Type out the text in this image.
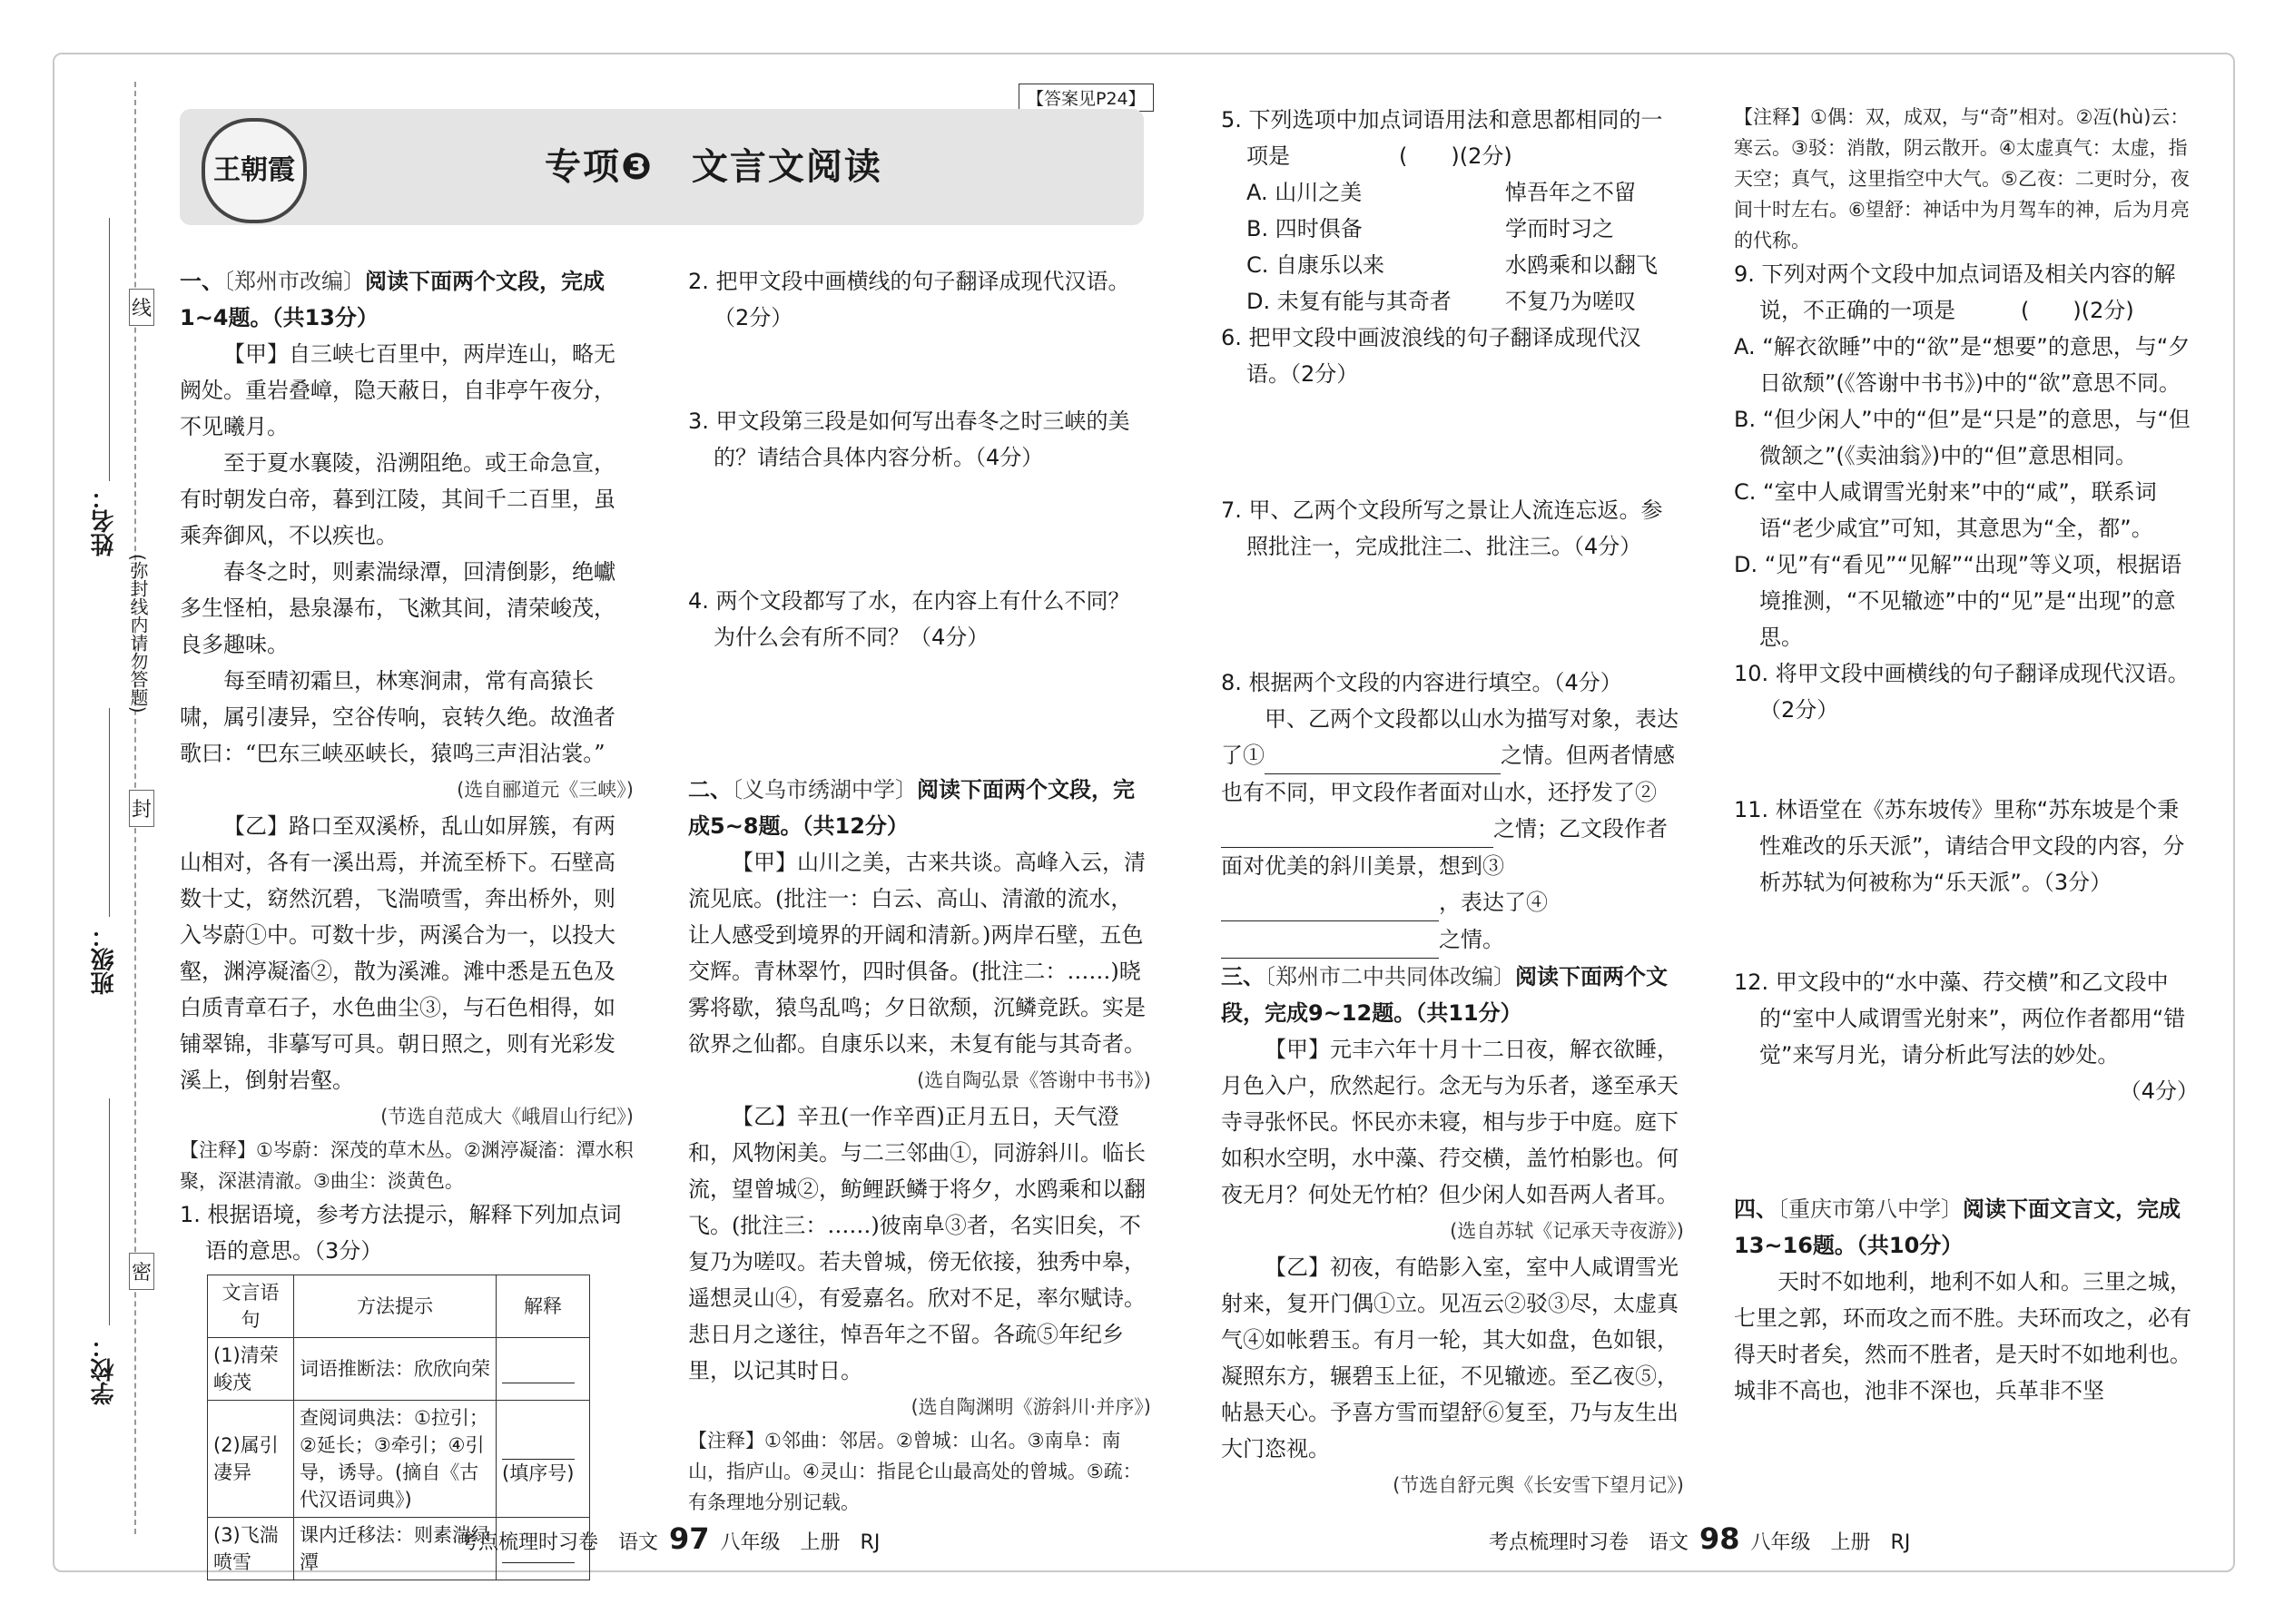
线
封
密
(弥封线内请勿答题)
姓名：
班级：
学校：
【答案见P24】
王朝霞	专项❸　文言文阅读

一、〔郑州市改编〕阅读下面两个文段，完成1~4题。（共13分）

【甲】自三峡七百里中，两岸连山，略无阙处。重岩叠嶂，隐天蔽日，自非亭午夜分，不见曦月。

至于夏水襄陵，沿溯阻绝。或王命急宣，有时朝发白帝，暮到江陵，其间千二百里，虽乘奔御风，不以疾也。

春冬之时，则素湍绿潭，回清倒影，绝巘多生怪柏，悬泉瀑布，飞漱其间，清荣峻茂，良多趣味。

每至晴初霜旦，林寒涧肃，常有高猿长啸，属引凄异，空谷传响，哀转久绝。故渔者歌曰：“巴东三峡巫峡长，猿鸣三声泪沾裳。”

(选自郦道元《三峡》)

【乙】路口至双溪桥，乱山如屏簇，有两山相对，各有一溪出焉，并流至桥下。石壁高数十丈，窈然沉碧，飞湍喷雪，奔出桥外，则入岑蔚①中。可数十步，两溪合为一，以投大壑，渊渟凝滀②，散为溪滩。滩中悉是五色及白质青章石子，水色曲尘③，与石色相得，如铺翠锦，非摹写可具。朝日照之，则有光彩发溪上，倒射岩壑。

(节选自范成大《峨眉山行纪》)

【注释】①岑蔚：深茂的草木丛。②渊渟凝滀：潭水积聚，深湛清澈。③曲尘：淡黄色。

1. 根据语境，参考方法提示，解释下列加点词语的意思。（3分）

文言语句	方法提示	解释
(1)清荣峻茂	词语推断法：欣欣向荣	
(2)属引凄异	查阅词典法：①拉引；②延长；③牵引；④引导，诱导。(摘自《古代汉语词典》)	(填序号)
(3)飞湍喷雪	课内迁移法：则素湍绿潭	

2. 把甲文段中画横线的句子翻译成现代汉语。（2分）

3. 甲文段第三段是如何写出春冬之时三峡的美的？请结合具体内容分析。（4分）

4. 两个文段都写了水，在内容上有什么不同？为什么会有所不同？（4分）

二、〔义乌市绣湖中学〕阅读下面两个文段，完成5~8题。（共12分）

【甲】山川之美，古来共谈。高峰入云，清流见底。(批注一：白云、高山、清澈的流水，让人感受到境界的开阔和清新。)两岸石壁，五色交辉。青林翠竹，四时俱备。(批注二：……)晓雾将歇，猿鸟乱鸣；夕日欲颓，沉鳞竞跃。实是欲界之仙都。自康乐以来，未复有能与其奇者。

(选自陶弘景《答谢中书书》)

【乙】辛丑(一作辛酉)正月五日，天气澄和，风物闲美。与二三邻曲①，同游斜川。临长流，望曾城②，鲂鲤跃鳞于将夕，水鸥乘和以翻飞。(批注三：……)彼南阜③者，名实旧矣，不复乃为嗟叹。若夫曾城，傍无依接，独秀中皋，遥想灵山④，有爱嘉名。欣对不足，率尔赋诗。悲日月之遂往，悼吾年之不留。各疏⑤年纪乡里，以记其时日。

(选自陶渊明《游斜川·并序》)

【注释】①邻曲：邻居。②曾城：山名。③南阜：南山，指庐山。④灵山：指昆仑山最高处的曾城。⑤疏：有条理地分别记载。

5. 下列选项中加点词语用法和意思都相同的一项是　　　　　(　　)(2分)

A. 山川之美	悼吾年之不留
B. 四时俱备	学而时习之
C. 自康乐以来	水鸥乘和以翻飞
D. 未复有能与其奇者	不复乃为嗟叹

6. 把甲文段中画波浪线的句子翻译成现代汉语。（2分）

7. 甲、乙两个文段所写之景让人流连忘返。参照批注一，完成批注二、批注三。（4分）

8. 根据两个文段的内容进行填空。（4分）

甲、乙两个文段都以山水为描写对象，表达了①	之情。但两者情感也有不同，甲文段作者面对山水，还抒发了② 之情；乙文段作者面对优美的斜川美景，想到③ ，表达了④ 之情。

三、〔郑州市二中共同体改编〕阅读下面两个文段，完成9~12题。（共11分）

【甲】元丰六年十月十二日夜，解衣欲睡，月色入户，欣然起行。念无与为乐者，遂至承天寺寻张怀民。怀民亦未寝，相与步于中庭。庭下如积水空明，水中藻、荇交横，盖竹柏影也。何夜无月？何处无竹柏？但少闲人如吾两人者耳。

(选自苏轼《记承天寺夜游》)

【乙】初夜，有皓影入室，室中人咸谓雪光射来，复开门偶①立。见冱云②驳③尽，太虚真气④如帐碧玉。有月一轮，其大如盘，色如银，凝照东方，辗碧玉上征，不见辙迹。至乙夜⑤，帖悬天心。予喜方雪而望舒⑥复至，乃与友生出大门恣视。

(节选自舒元舆《长安雪下望月记》)

【注释】①偶：双，成双，与“奇”相对。②冱(hù)云：寒云。③驳：消散，阴云散开。④太虚真气：太虚，指天空；真气，这里指空中大气。⑤乙夜：二更时分，夜间十时左右。⑥望舒：神话中为月驾车的神，后为月亮的代称。

9. 下列对两个文段中加点词语及相关内容的解说，不正确的一项是　　　(　　)(2分)

A. “解衣欲睡”中的“欲”是“想要”的意思，与“夕日欲颓”(《答谢中书书》)中的“欲”意思不同。

B. “但少闲人”中的“但”是“只是”的意思，与“但微颔之”(《卖油翁》)中的“但”意思相同。

C. “室中人咸谓雪光射来”中的“咸”，联系词语“老少咸宜”可知，其意思为“全，都”。

D. “见”有“看见”“见解”“出现”等义项，根据语境推测，“不见辙迹”中的“见”是“出现”的意思。

10. 将甲文段中画横线的句子翻译成现代汉语。（2分）

11. 林语堂在《苏东坡传》里称“苏东坡是个秉性难改的乐天派”，请结合甲文段的内容，分析苏轼为何被称为“乐天派”。（3分）

12. 甲文段中的“水中藻、荇交横”和乙文段中的“室中人咸谓雪光射来”，两位作者都用“错觉”来写月光，请分析此写法的妙处。

（4分）

四、〔重庆市第八中学〕阅读下面文言文，完成13~16题。（共10分）

天时不如地利，地利不如人和。三里之城，七里之郭，环而攻之而不胜。夫环而攻之，必有得天时者矣，然而不胜者，是天时不如地利也。城非不高也，池非不深也，兵革非不坚

考点梳理时习卷　语文 97 八年级　上册　RJ	考点梳理时习卷　语文 98 八年级　上册　RJ
